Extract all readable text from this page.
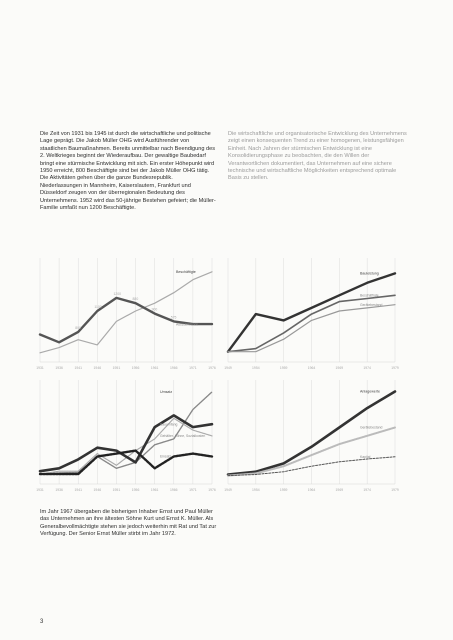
Die Zeit von 1931 bis 1945 ist durch die wirtschaftliche und politische Lage geprägt. Die Jakob Müller OHG wird Ausführender von staatlichen Baumaßnahmen. Bereits unmittelbar nach Beendigung des 2. Weltkrieges beginnt der Wiederaufbau. Der gewaltige Baubedarf bringt eine stürmische Entwicklung mit sich. Ein erster Höhepunkt wird 1950 erreicht, 800 Beschäftigte sind bei der Jakob Müller OHG tätig. Die Aktivitäten gehen über die ganze Bundesrepublik. Niederlassungen in Mannheim, Kaiserslautern, Frankfurt und Düsseldorf zeugen von der überregionalen Bedeutung des Unternehmens. 1952 wird das 50-jährige Bestehen gefeiert; die Müller-Familie umfaßt nun 1200 Beschäftigte.
Die wirtschaftliche und organisatorische Entwicklung des Unternehmens zeigt einen konsequenten Trend zu einer homogenen, leistungsfähigen Einheit. Nach Jahren der stürmischen Entwicklung ist eine Konsolidierungsphase zu beobachten, die den Willen der Verantwortlichen dokumentiert, das Unternehmen auf eine sichere technische und wirtschaftliche Möglichkeiten entsprechend optimale Basis zu stellen.
Im Jahr 1967 übergaben die bisherigen Inhaber Ernst und Paul Müller das Unternehmen an ihre ältesten Söhne Kurt und Ernst K. Müller. Als Generalbevollmächtigte stehen sie jedoch weiterhin mit Rat und Tat zur Verfügung. Der Senior Ernst Müller stirbt im Jahr 1972.
3
1931	1936	1941	1946	1951	1956	1961	1966	1971	1976
Beschäftigte
Auszubildende
800
1100
1200
880
900
575
1949	1954	1959	1964	1969	1974	1979
Bauleistung
Beschäftigte
Gerätebestand
1931	1936	1941	1946	1951	1956	1961	1966	1971	1976
Umsatz
Gehälter, Löhne, Sozialkosten
Bauumfang
Einsatz
1949	1954	1959	1964	1969	1974	1979
Anlagewerte
Gerätebestand
Kapital
